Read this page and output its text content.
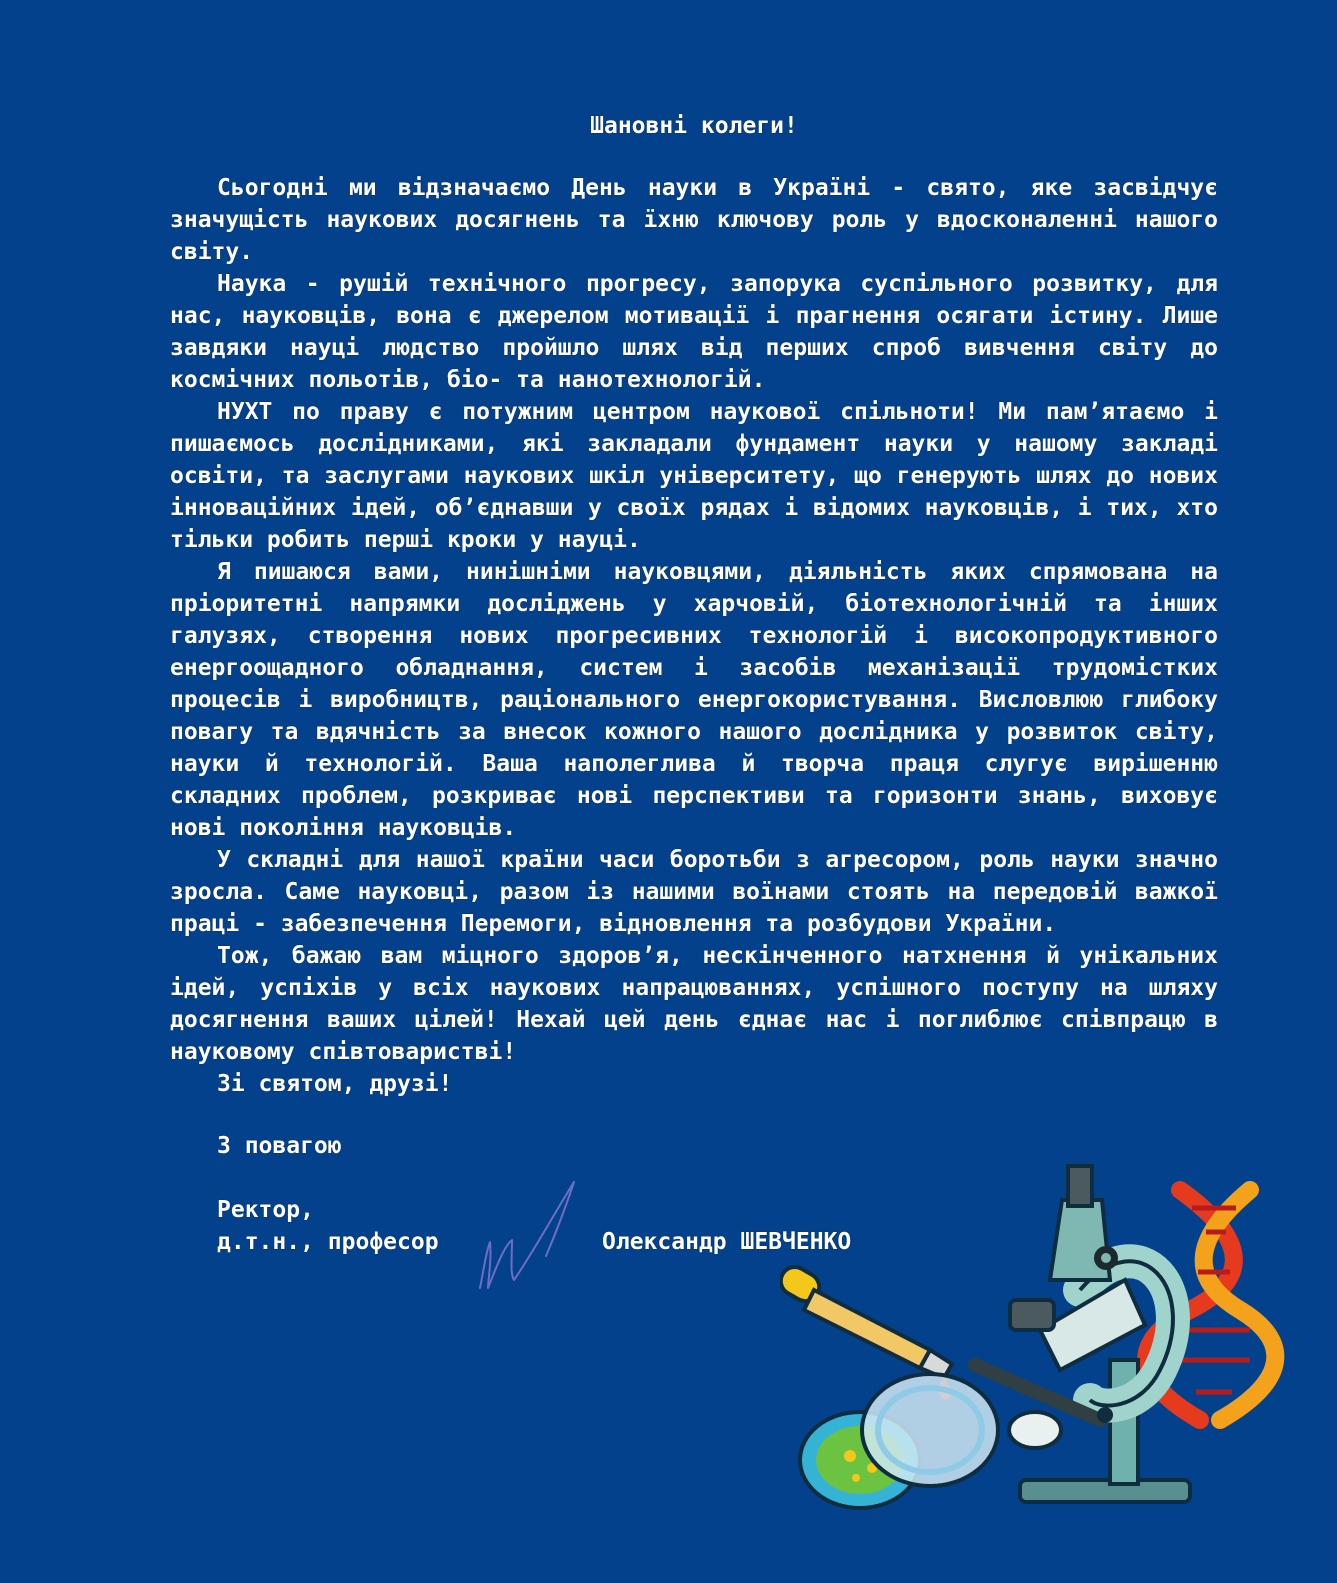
Шановні колеги!

Сьогодні ми відзначаємо День науки в Україні - свято, яке засвідчує значущість наукових досягнень та їхню ключову роль у вдосконаленні нашого світу.

Наука - рушій технічного прогресу, запорука суспільного розвитку, для нас, науковців, вона є джерелом мотивації і прагнення осягати істину. Лише завдяки науці людство пройшло шлях від перших спроб вивчення світу до космічних польотів, біо- та нанотехнологій.

НУХТ по праву є потужним центром наукової спільноти! Ми пам’ятаємо і пишаємось дослідниками, які закладали фундамент науки у нашому закладі освіти, та заслугами наукових шкіл університету, що генерують шлях до нових інноваційних ідей, об’єднавши у своїх рядах і відомих науковців, і тих, хто тільки робить перші кроки у науці.

Я пишаюся вами, нинішніми науковцями, діяльність яких спрямована на пріоритетні напрямки досліджень у харчовій, біотехнологічній та інших галузях, створення нових прогресивних технологій і високопродуктивного енергоощадного обладнання, систем і засобів механізації трудомістких процесів і виробництв, раціонального енергокористування. Висловлюю глибоку повагу та вдячність за внесок кожного нашого дослідника у розвиток світу, науки й технологій. Ваша наполеглива й творча праця слугує вирішенню складних проблем, розкриває нові перспективи та горизонти знань, виховує нові покоління науковців.

У складні для нашої країни часи боротьби з агресором, роль науки значно зросла. Саме науковці, разом із нашими воїнами стоять на передовій важкої праці - забезпечення Перемоги, відновлення та розбудови України.

Тож, бажаю вам міцного здоров’я, нескінченного натхнення й унікальних ідей, успіхів у всіх наукових напрацюваннях, успішного поступу на шляху досягнення ваших цілей! Нехай цей день єднає нас і поглиблює співпрацю в науковому співтоваристві!

Зі святом, друзі!

З повагою

Ректор,
д.т.н., професор	Олександр ШЕВЧЕНКО
